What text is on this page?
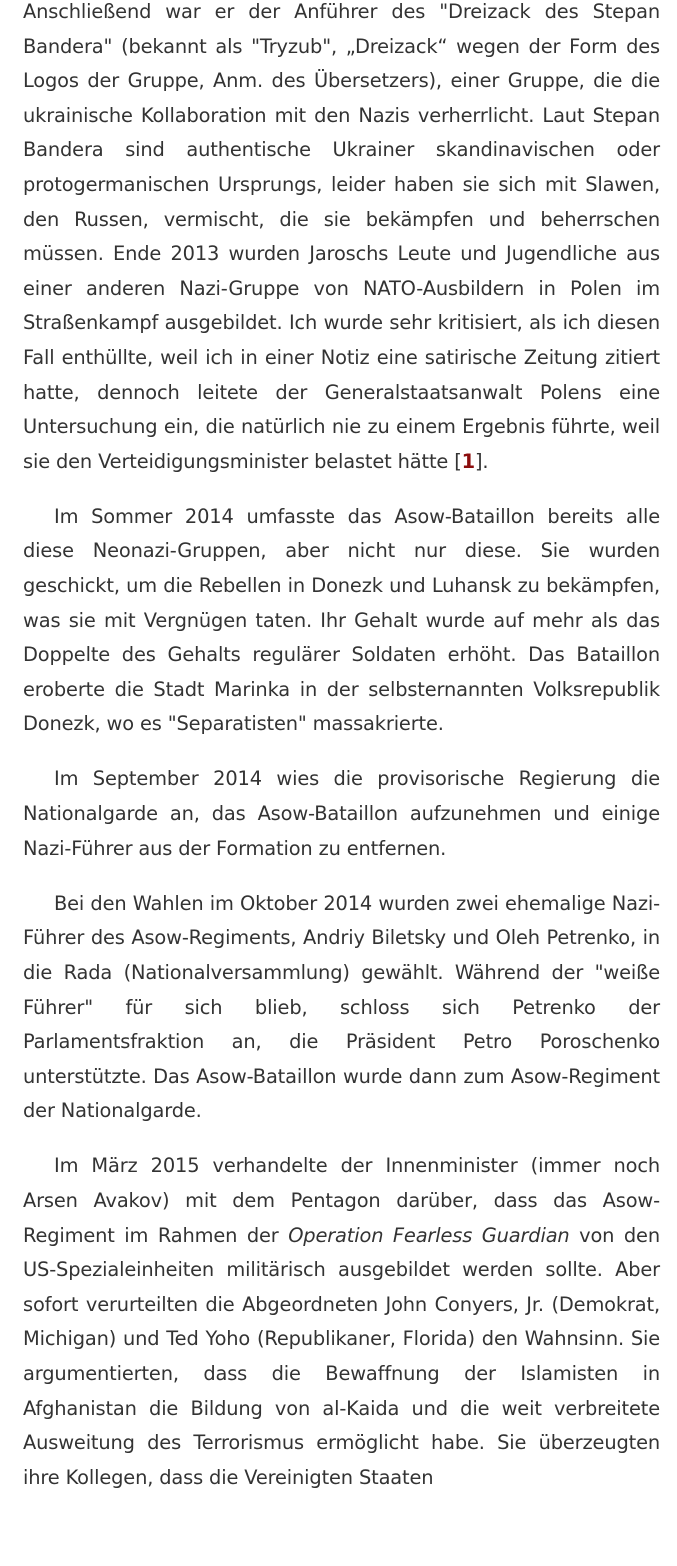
Anschließend war er der Anführer des "Dreizack des Stepan Bandera" (bekannt als "Tryzub", „Dreizack“ wegen der Form des Logos der Gruppe, Anm. des Übersetzers), einer Gruppe, die die ukrainische Kollaboration mit den Nazis verherrlicht. Laut Stepan Bandera sind authentische Ukrainer skandinavischen oder protogermanischen Ursprungs, leider haben sie sich mit Slawen, den Russen, vermischt, die sie bekämpfen und beherrschen müssen. Ende 2013 wurden Jaroschs Leute und Jugendliche aus einer anderen Nazi-Gruppe von NATO-Ausbildern in Polen im Straßenkampf ausgebildet. Ich wurde sehr kritisiert, als ich diesen Fall enthüllte, weil ich in einer Notiz eine satirische Zeitung zitiert hatte, dennoch leitete der Generalstaatsanwalt Polens eine Untersuchung ein, die natürlich nie zu einem Ergebnis führte, weil sie den Verteidigungsminister belastet hätte [1].

Im Sommer 2014 umfasste das Asow-Bataillon bereits alle diese Neonazi-Gruppen, aber nicht nur diese. Sie wurden geschickt, um die Rebellen in Donezk und Luhansk zu bekämpfen, was sie mit Vergnügen taten. Ihr Gehalt wurde auf mehr als das Doppelte des Gehalts regulärer Soldaten erhöht. Das Bataillon eroberte die Stadt Marinka in der selbsternannten Volksrepublik Donezk, wo es "Separatisten" massakrierte.

Im September 2014 wies die provisorische Regierung die Nationalgarde an, das Asow-Bataillon aufzunehmen und einige Nazi-Führer aus der Formation zu entfernen.

Bei den Wahlen im Oktober 2014 wurden zwei ehemalige Nazi-Führer des Asow-Regiments, Andriy Biletsky und Oleh Petrenko, in die Rada (Nationalversammlung) gewählt. Während der "weiße Führer" für sich blieb, schloss sich Petrenko der Parlamentsfraktion an, die Präsident Petro Poroschenko unterstützte. Das Asow-Bataillon wurde dann zum Asow-Regiment der Nationalgarde.

Im März 2015 verhandelte der Innenminister (immer noch Arsen Avakov) mit dem Pentagon darüber, dass das Asow-Regiment im Rahmen der Operation Fearless Guardian von den US-Spezialeinheiten militärisch ausgebildet werden sollte. Aber sofort verurteilten die Abgeordneten John Conyers, Jr. (Demokrat, Michigan) und Ted Yoho (Republikaner, Florida) den Wahnsinn. Sie argumentierten, dass die Bewaffnung der Islamisten in Afghanistan die Bildung von al-Kaida und die weit verbreitete Ausweitung des Terrorismus ermöglicht habe. Sie überzeugten ihre Kollegen, dass die Vereinigten Staaten
